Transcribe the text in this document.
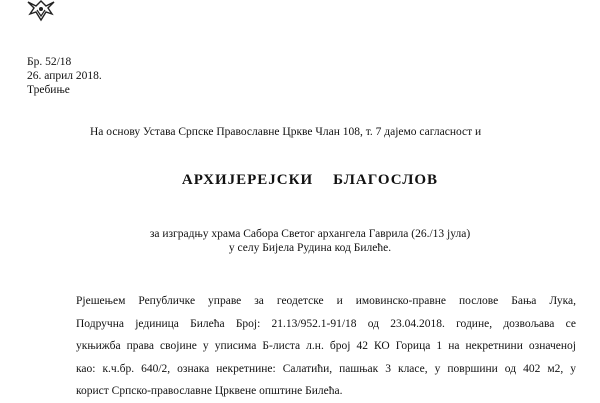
Бр. 52/18
26. април 2018.
Требиње
На основу Устава Српске Православне Цркве Члан 108, т. 7 дајемо сагласност и
АРХИЈЕРЕЈСКИ БЛАГОСЛОВ
за изградњу храма Сабора Светог архангела Гаврила (26./13 јула)
у селу Бијела Рудина код Билеће.
Рјешењем Републичке управе за геодетске и имовинско-правне послове Бања Лука,
Подручна јединица Билећа Број: 21.13/952.1-91/18 од 23.04.2018. године, дозвољава се
укњижба права својине у уписима Б-листа л.н. број 42 КО Горица 1 на некретнини означеној
као: к.ч.бр. 640/2, ознака некретнине: Салатићи, пашњак 3 класе, у површини од 402 м2, у
корист Српско-православне Црквене општине Билећа.
